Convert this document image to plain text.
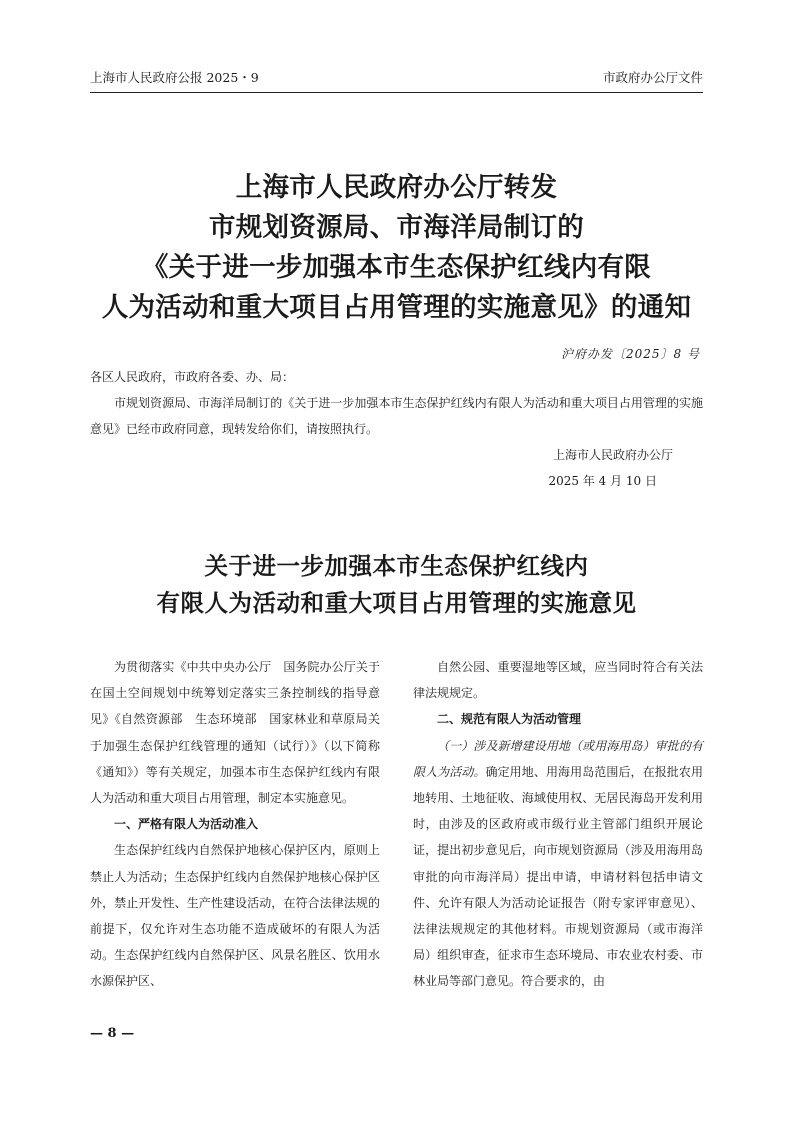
上海市人民政府公报 2025・9	市政府办公厅文件
上海市人民政府办公厅转发
市规划资源局、市海洋局制订的
《关于进一步加强本市生态保护红线内有限
人为活动和重大项目占用管理的实施意见》的通知
沪府办发〔2025〕8 号
各区人民政府，市政府各委、办、局：
市规划资源局、市海洋局制订的《关于进一步加强本市生态保护红线内有限人为活动和重大项目占用管理的实施意见》已经市政府同意，现转发给你们，请按照执行。
上海市人民政府办公厅
2025 年 4 月 10 日
关于进一步加强本市生态保护红线内
有限人为活动和重大项目占用管理的实施意见

为贯彻落实《中共中央办公厅　国务院办公厅关于在国土空间规划中统筹划定落实三条控制线的指导意见》《自然资源部　生态环境部　国家林业和草原局关于加强生态保护红线管理的通知（试行）》（以下简称《通知》）等有关规定，加强本市生态保护红线内有限人为活动和重大项目占用管理，制定本实施意见。

一、严格有限人为活动准入

生态保护红线内自然保护地核心保护区内，原则上禁止人为活动；生态保护红线内自然保护地核心保护区外，禁止开发性、生产性建设活动，在符合法律法规的前提下，仅允许对生态功能不造成破坏的有限人为活动。生态保护红线内自然保护区、风景名胜区、饮用水水源保护区、

自然公园、重要湿地等区域，应当同时符合有关法律法规规定。

二、规范有限人为活动管理

（一）涉及新增建设用地（或用海用岛）审批的有限人为活动。确定用地、用海用岛范围后，在报批农用地转用、土地征收、海域使用权、无居民海岛开发利用时，由涉及的区政府或市级行业主管部门组织开展论证，提出初步意见后，向市规划资源局（涉及用海用岛审批的向市海洋局）提出申请，申请材料包括申请文件、允许有限人为活动论证报告（附专家评审意见）、法律法规规定的其他材料。市规划资源局（或市海洋局）组织审查，征求市生态环境局、市农业农村委、市林业局等部门意见。符合要求的，由

— 8 —
